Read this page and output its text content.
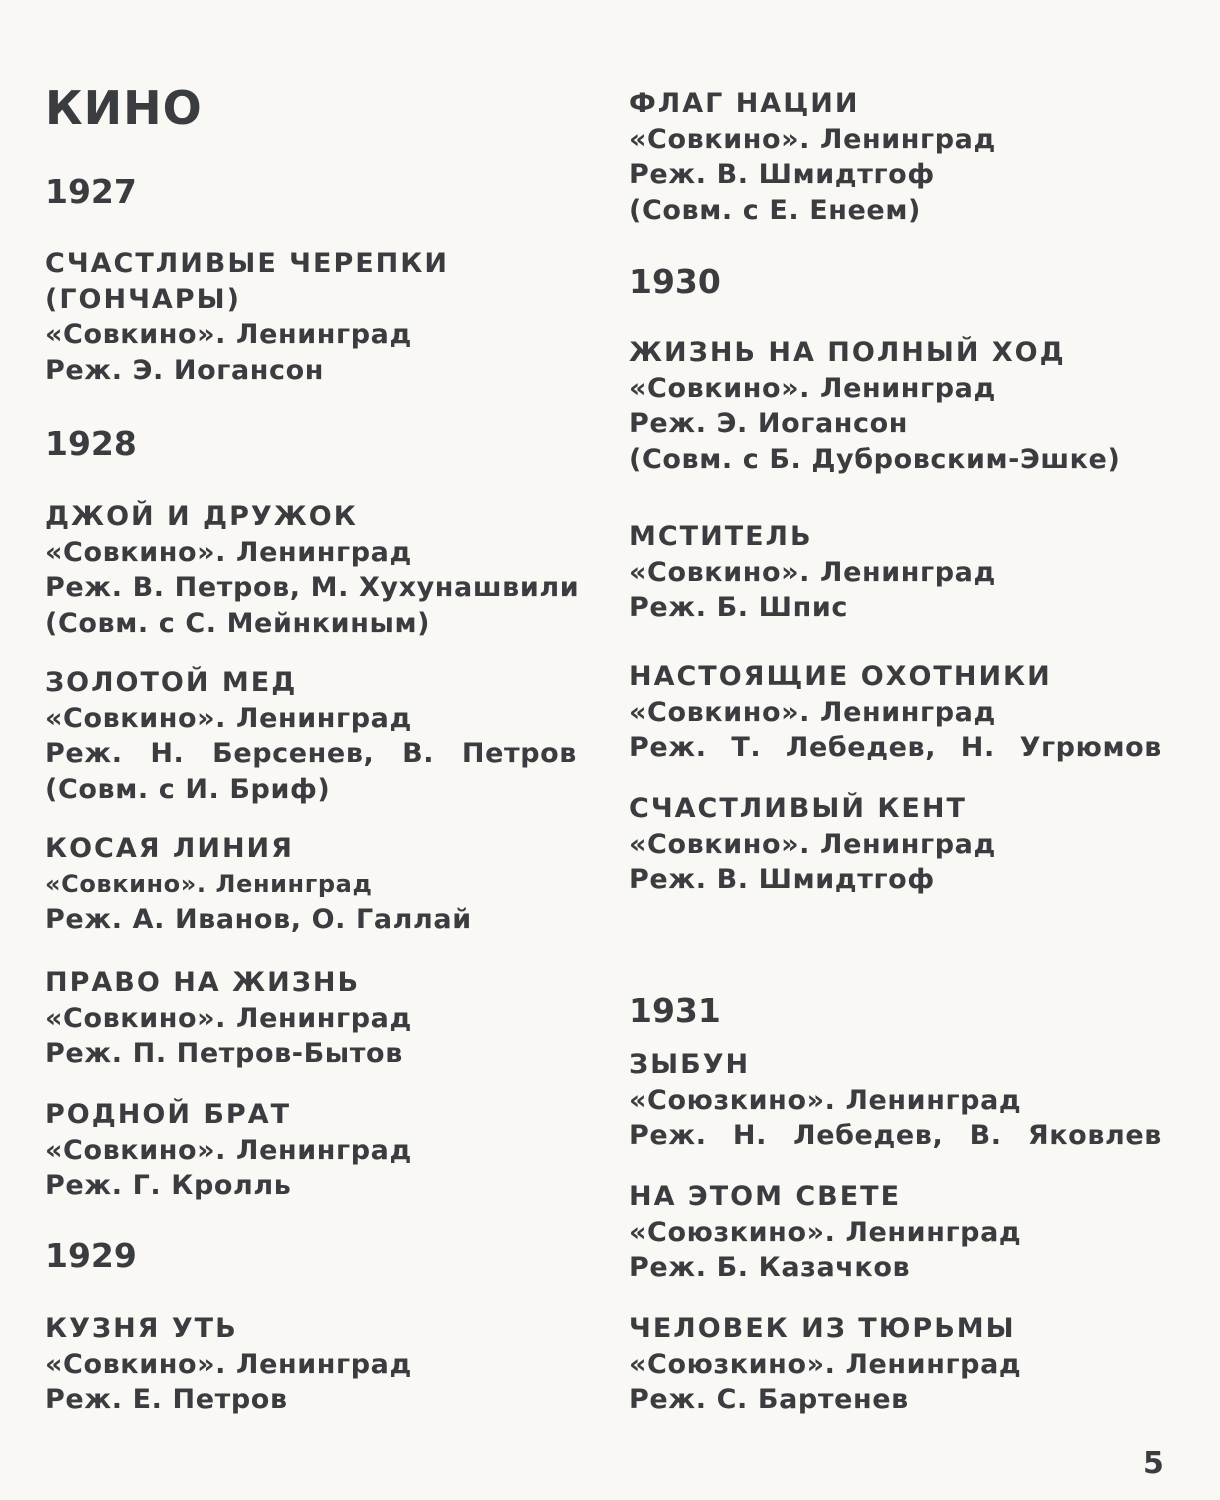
КИНО
1927
СЧАСТЛИВЫЕ ЧЕРЕПКИ
(ГОНЧАРЫ)
«Совкино». Ленинград
Реж. Э. Иогансон
1928
ДЖОЙ И ДРУЖОК
«Совкино». Ленинград
Реж. В. Петров, М. Хухунашвили
(Совм. с С. Мейнкиным)
ЗОЛОТОЙ МЕД
«Совкино». Ленинград
Реж. Н. Берсенев, В. Петров
(Совм. с И. Бриф)
КОСАЯ ЛИНИЯ
«Совкино». Ленинград
Реж. А. Иванов, О. Галлай
ПРАВО НА ЖИЗНЬ
«Совкино». Ленинград
Реж. П. Петров-Бытов
РОДНОЙ БРАТ
«Совкино». Ленинград
Реж. Г. Кролль
1929
КУЗНЯ УТЬ
«Совкино». Ленинград
Реж. Е. Петров
ФЛАГ НАЦИИ
«Совкино». Ленинград
Реж. В. Шмидтгоф
(Совм. с Е. Енеем)
1930
ЖИЗНЬ НА ПОЛНЫЙ ХОД
«Совкино». Ленинград
Реж. Э. Иогансон
(Совм. с Б. Дубровским-Эшке)
МСТИТЕЛЬ
«Совкино». Ленинград
Реж. Б. Шпис
НАСТОЯЩИЕ ОХОТНИКИ
«Совкино». Ленинград
Реж. Т. Лебедев, Н. Угрюмов
СЧАСТЛИВЫЙ КЕНТ
«Совкино». Ленинград
Реж. В. Шмидтгоф
1931
ЗЫБУН
«Союзкино». Ленинград
Реж. Н. Лебедев, В. Яковлев
НА ЭТОМ СВЕТЕ
«Союзкино». Ленинград
Реж. Б. Казачков
ЧЕЛОВЕК ИЗ ТЮРЬМЫ
«Союзкино». Ленинград
Реж. С. Бартенев
5
